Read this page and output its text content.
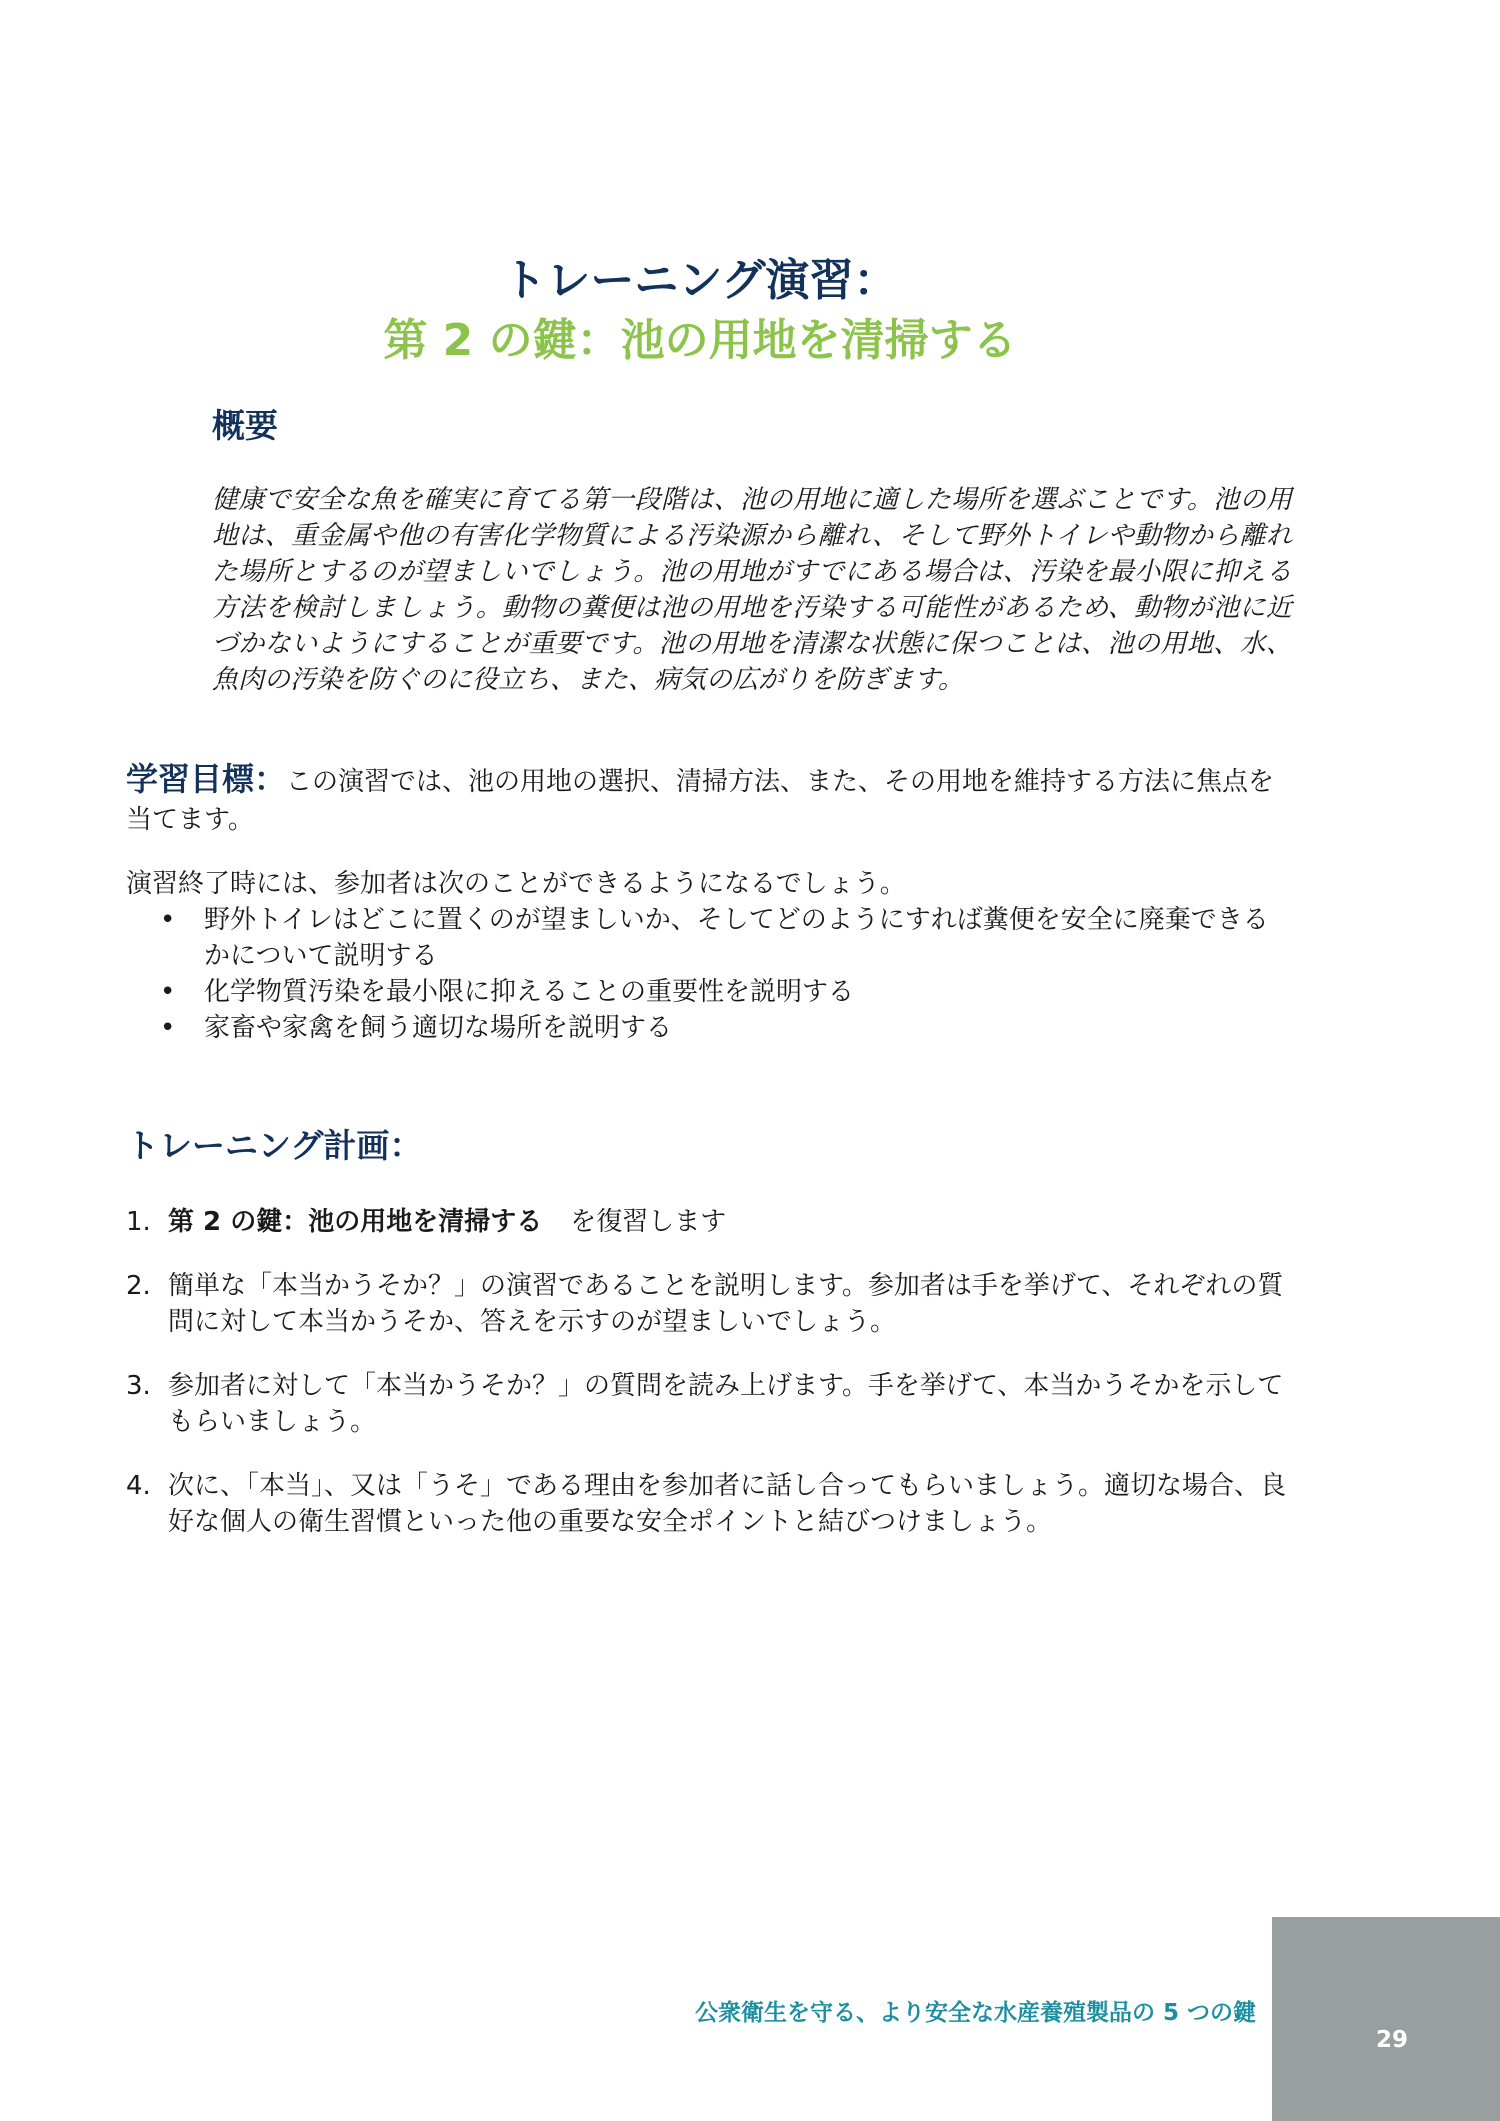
トレーニング演習：
第 2 の鍵：池の用地を清掃する
概要

健康で安全な魚を確実に育てる第一段階は、池の用地に適した場所を選ぶことです。池の用地は、重金属や他の有害化学物質による汚染源から離れ、そして野外トイレや動物から離れた場所とするのが望ましいでしょう。池の用地がすでにある場合は、汚染を最小限に抑える方法を検討しましょう。動物の糞便は池の用地を汚染する可能性があるため、動物が池に近づかないようにすることが重要です。池の用地を清潔な状態に保つことは、池の用地、水、魚肉の汚染を防ぐのに役立ち、また、病気の広がりを防ぎます。

学習目標：この演習では、池の用地の選択、清掃方法、また、その用地を維持する方法に焦点を当てます。

演習終了時には、参加者は次のことができるようになるでしょう。

• 野外トイレはどこに置くのが望ましいか、そしてどのようにすれば糞便を安全に廃棄できるかについて説明する
• 化学物質汚染を最小限に抑えることの重要性を説明する
• 家畜や家禽を飼う適切な場所を説明する
トレーニング計画：
1. 第 2 の鍵：池の用地を清掃する を復習します
2. 簡単な「本当かうそか？」の演習であることを説明します。参加者は手を挙げて、それぞれの質問に対して本当かうそか、答えを示すのが望ましいでしょう。
3. 参加者に対して「本当かうそか？」の質問を読み上げます。手を挙げて、本当かうそかを示してもらいましょう。
4. 次に、「本当」、又は「うそ」である理由を参加者に話し合ってもらいましょう。適切な場合、良好な個人の衛生習慣といった他の重要な安全ポイントと結びつけましょう。

公衆衛生を守る、より安全な水産養殖製品の 5 つの鍵

29
